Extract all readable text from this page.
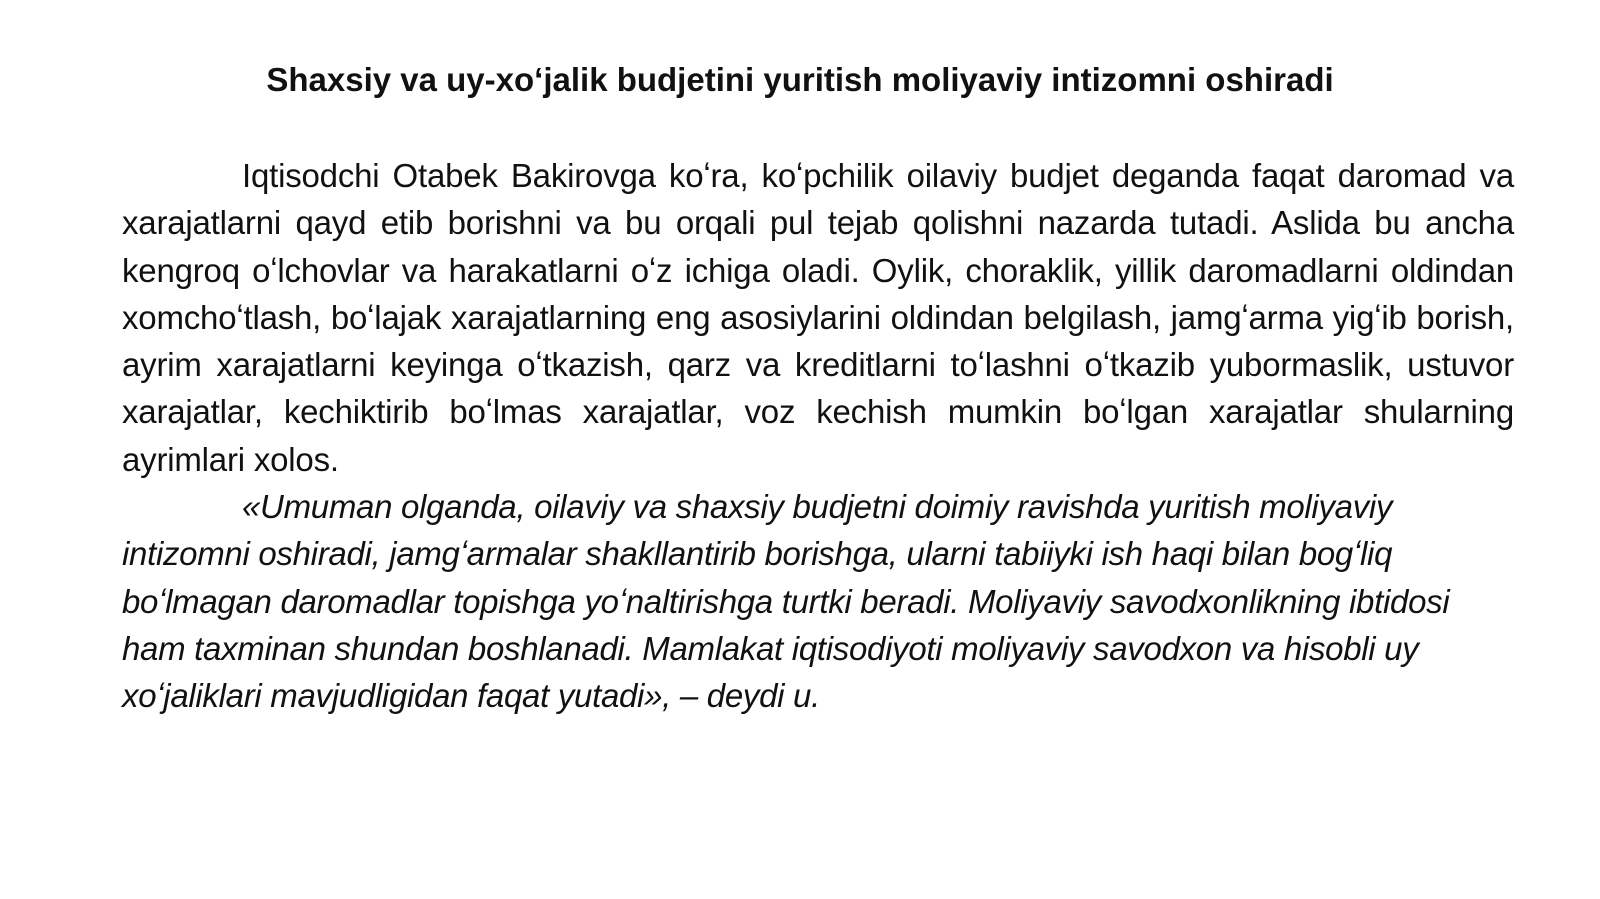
Shaxsiy va uy-xoʻjalik budjetini yuritish moliyaviy intizomni oshiradi

Iqtisodchi Otabek Bakirovga koʻra, koʻpchilik oilaviy budjet deganda faqat daromad va xarajatlarni qayd etib borishni va bu orqali pul tejab qolishni nazarda tutadi. Aslida bu ancha kengroq oʻlchovlar va harakatlarni oʻz ichiga oladi. Oylik, choraklik, yillik daromadlarni oldindan xomchoʻtlash, boʻlajak xarajatlarning eng asosiylarini oldindan belgilash, jamgʻarma yigʻib borish, ayrim xarajatlarni keyinga oʻtkazish, qarz va kreditlarni toʻlashni oʻtkazib yubormaslik, ustuvor xarajatlar, kechiktirib boʻlmas xarajatlar, voz kechish mumkin boʻlgan xarajatlar shularning ayrimlari xolos.

«Umuman olganda, oilaviy va shaxsiy budjetni doimiy ravishda yuritish moliyaviy intizomni oshiradi, jamgʻarmalar shakllantirib borishga, ularni tabiiyki ish haqi bilan bogʻliq boʻlmagan daromadlar topishga yoʻnaltirishga turtki beradi. Moliyaviy savodxonlikning ibtidosi ham taxminan shundan boshlanadi. Mamlakat iqtisodiyoti moliyaviy savodxon va hisobli uy xoʻjaliklari mavjudligidan faqat yutadi», – deydi u.
